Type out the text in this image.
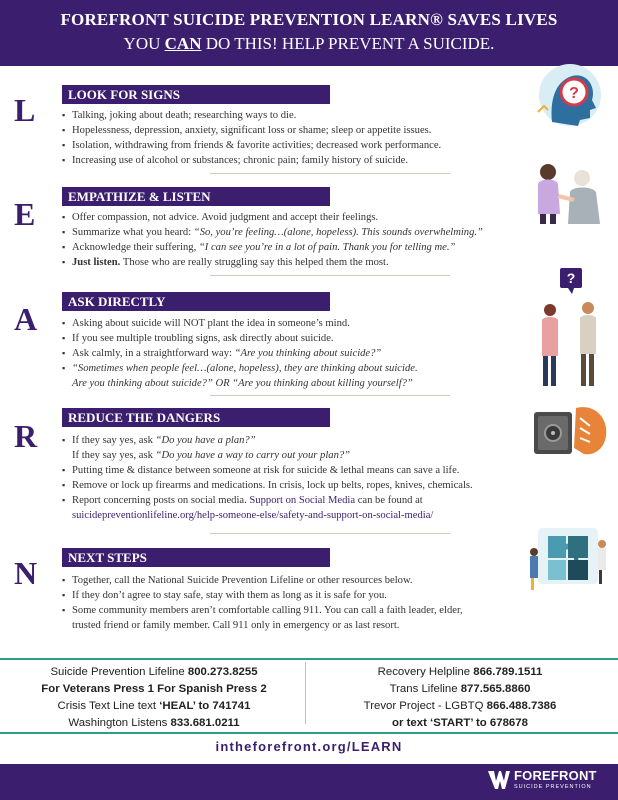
FOREFRONT SUICIDE PREVENTION LEARN® SAVES LIVES
YOU CAN DO THIS! HELP PREVENT A SUICIDE.
L	LOOK FOR SIGNS
▪ Talking, joking about death; researching ways to die.
▪ Hopelessness, depression, anxiety, significant loss or shame; sleep or appetite issues.
▪ Isolation, withdrawing from friends & favorite activities; decreased work performance.
▪ Increasing use of alcohol or substances; chronic pain; family history of suicide.
?
E	EMPATHIZE & LISTEN
▪ Offer compassion, not advice. Avoid judgment and accept their feelings.
▪ Summarize what you heard: “So, you’re feeling…(alone, hopeless). This sounds overwhelming.”
▪ Acknowledge their suffering, “I can see you’re in a lot of pain. Thank you for telling me.”
▪ Just listen. Those who are really struggling say this helped them the most.
A	ASK DIRECTLY
▪ Asking about suicide will NOT plant the idea in someone’s mind.
▪ If you see multiple troubling signs, ask directly about suicide.
▪ Ask calmly, in a straightforward way: “Are you thinking about suicide?”
▪ “Sometimes when people feel…(alone, hopeless), they are thinking about suicide.
Are you thinking about suicide?” OR “Are you thinking about killing yourself?”
?
R
REDUCE THE DANGERS
▪ If they say yes, ask “Do you have a plan?”
If they say yes, ask “Do you have a way to carry out your plan?”
▪ Putting time & distance between someone at risk for suicide & lethal means can save a life.
▪ Remove or lock up firearms and medications. In crisis, lock up belts, ropes, knives, chemicals.
▪ Report concerning posts on social media. Support on Social Media can be found at
suicidepreventionlifeline.org/help-someone-else/safety-and-support-on-social-media/
N	NEXT STEPS
▪ Together, call the National Suicide Prevention Lifeline or other resources below.
▪ If they don’t agree to stay safe, stay with them as long as it is safe for you.
▪ Some community members aren’t comfortable calling 911. You can call a faith leader, elder,
trusted friend or family member. Call 911 only in emergency or as last resort.
Suicide Prevention Lifeline 800.273.8255
For Veterans Press 1 For Spanish Press 2
Crisis Text Line text ‘HEAL’ to 741741
Washington Listens 833.681.0211
Recovery Helpline 866.789.1511
Trans Lifeline 877.565.8860
Trevor Project - LGBTQ 866.488.7386
or text ‘START’ to 678678
intheforefront.org/LEARN
FOREFRONT
SUICIDE PREVENTION
